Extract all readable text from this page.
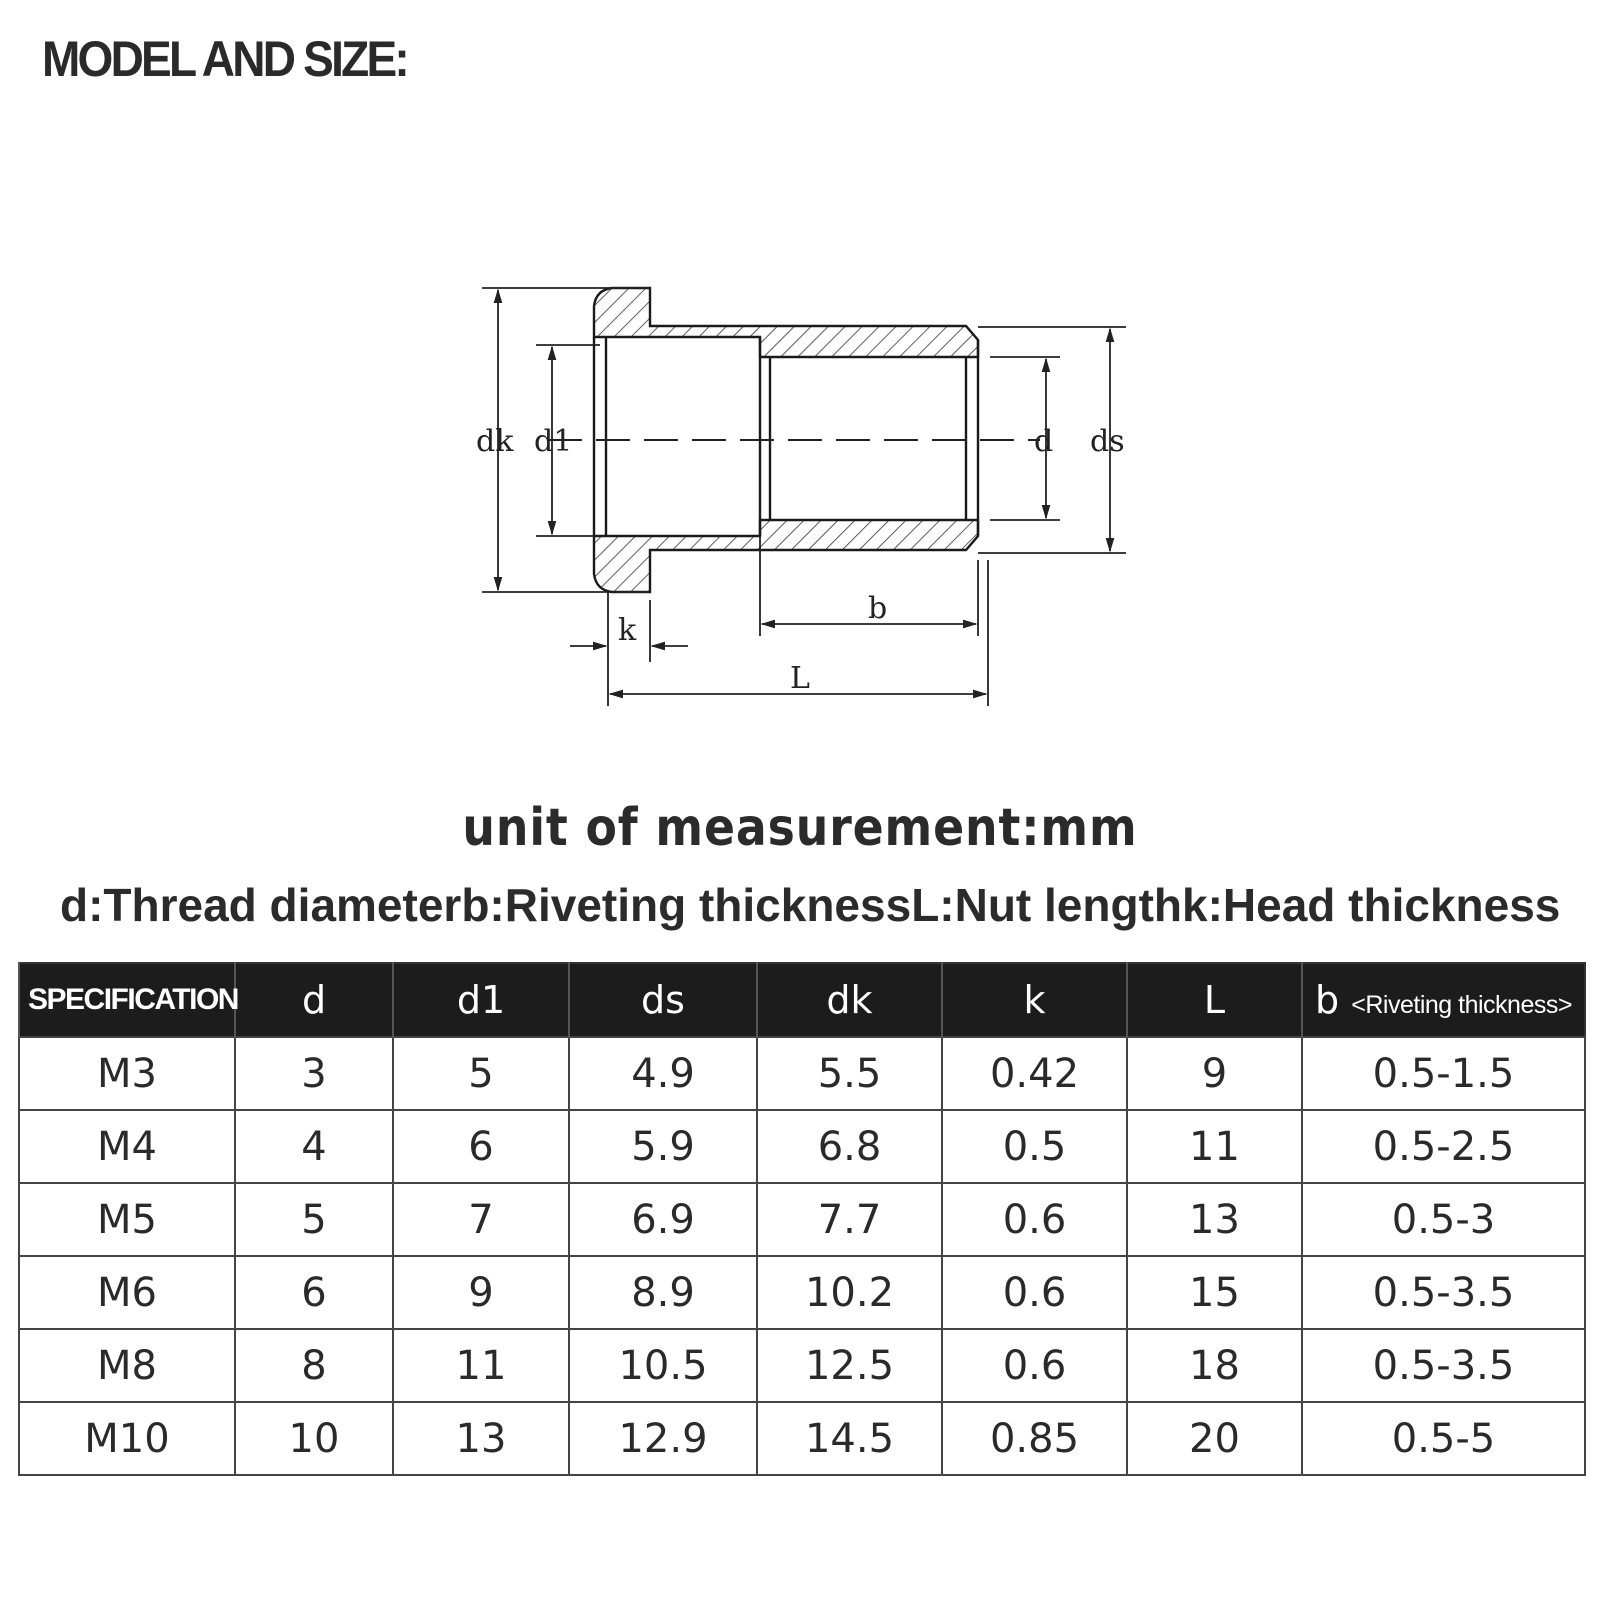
MODEL AND SIZE:
dk d1	d ds
b
k
L
unit of measurement:mm
d:Thread diameter b:Riveting thickness L:Nut length k:Head thickness
SPECIFICATION	d	d1	ds	dk	k	L	b <Riveting thickness>
M3	3	5	4.9	5.5	0.42	9	0.5-1.5
M4	4	6	5.9	6.8	0.5	11	0.5-2.5
M5	5	7	6.9	7.7	0.6	13	0.5-3
M6	6	9	8.9	10.2	0.6	15	0.5-3.5
M8	8	11	10.5	12.5	0.6	18	0.5-3.5
M10	10	13	12.9	14.5	0.85	20	0.5-5
